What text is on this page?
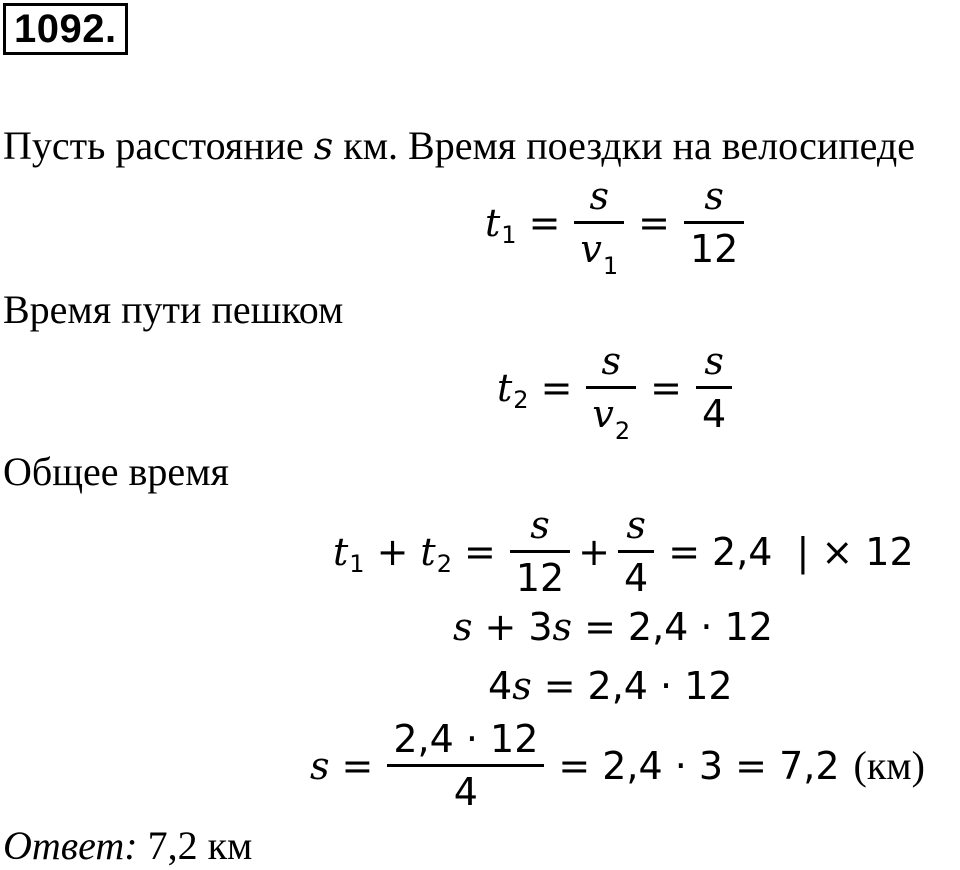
1092.
Пусть расстояние s км. Время поездки на велосипеде
t $1 = \frac{s}{v_1} = \frac{s}{12}$
Время пути пешком
t $2 = \frac{s}{v_2} = \frac{s}{4}$
Общее время
t 1 + t $2 = \frac{s}{12} + \frac{s}{4} = 2,4$ | × 12
s + 3 s = 2,4 · 12
4 s = 2,4 · 12
$s = \frac{2,4 \cdot 12}{4} = 2,4 \cdot 3 = 7,2$ (км)
Ответ: 7,2 км
